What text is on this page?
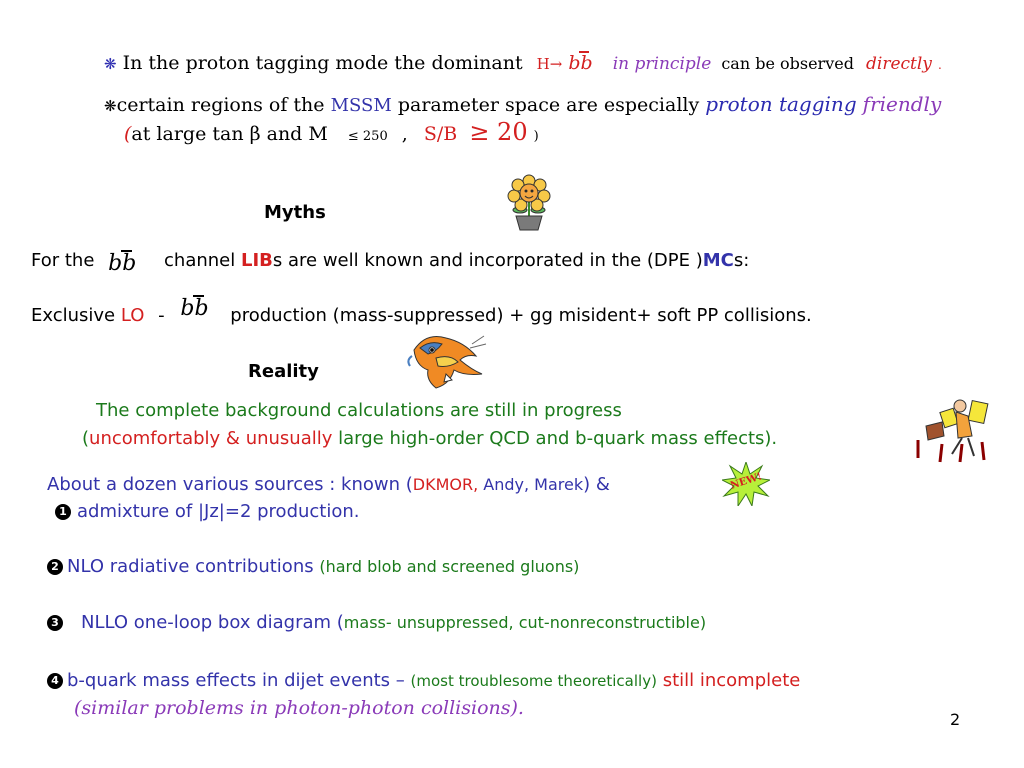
❋ In the proton tagging mode the dominant H→ bb in principle can be observed directly .
❋certain regions of the MSSM parameter space are especially proton tagging friendly
(at large tan β and M ≤ 250 , S/B ≥ 20 )
Myths
For the bb channel LIBs are well known and incorporated in the (DPE )MCs:
Exclusive LO - bb production (mass-suppressed) + gg misident+ soft PP collisions.
Reality
The complete background calculations are still in progress
(uncomfortably & unusually large high-order QCD and b-quark mass effects).
About a dozen various sources : known (DKMOR, Andy, Marek) &	NEW!
1 admixture of |Jz|=2 production.
2 NLO radiative contributions (hard blob and screened gluons)
3 NLLO one-loop box diagram (mass- unsuppressed, cut-nonreconstructible)
4 b-quark mass effects in dijet events – (most troublesome theoretically) still incomplete
(similar problems in photon-photon collisions).
2
